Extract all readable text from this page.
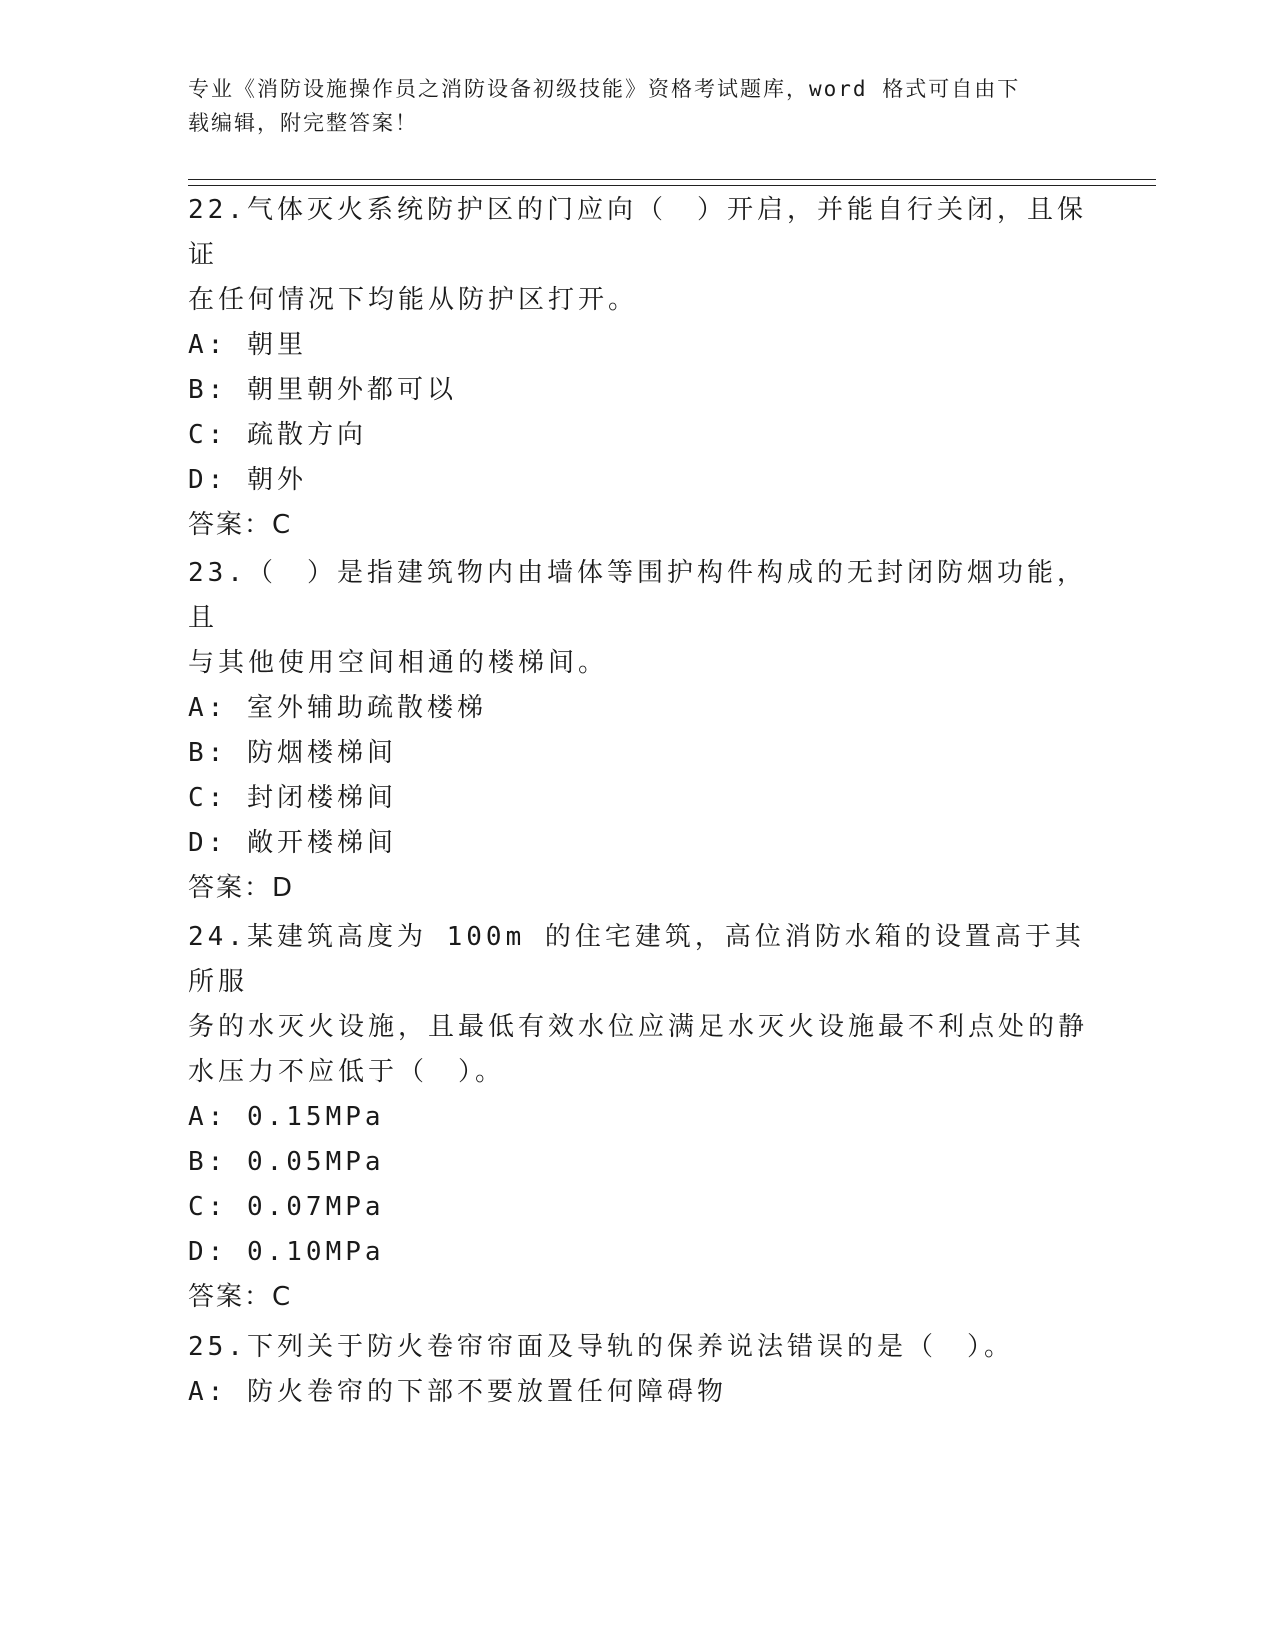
专业《消防设施操作员之消防设备初级技能》资格考试题库，word 格式可自由下
载编辑，附完整答案！

22.气体灭火系统防护区的门应向（　）开启，并能自行关闭，且保证

在任何情况下均能从防护区打开。

A: 朝里

B: 朝里朝外都可以

C: 疏散方向

D: 朝外

答案：C

23.（　）是指建筑物内由墙体等围护构件构成的无封闭防烟功能，且

与其他使用空间相通的楼梯间。

A: 室外辅助疏散楼梯

B: 防烟楼梯间

C: 封闭楼梯间

D: 敞开楼梯间

答案：D

24.某建筑高度为 100m 的住宅建筑，高位消防水箱的设置高于其所服

务的水灭火设施，且最低有效水位应满足水灭火设施最不利点处的静

水压力不应低于（　）。

A: 0.15MPa

B: 0.05MPa

C: 0.07MPa

D: 0.10MPa

答案：C

25.下列关于防火卷帘帘面及导轨的保养说法错误的是（　）。

A: 防火卷帘的下部不要放置任何障碍物
